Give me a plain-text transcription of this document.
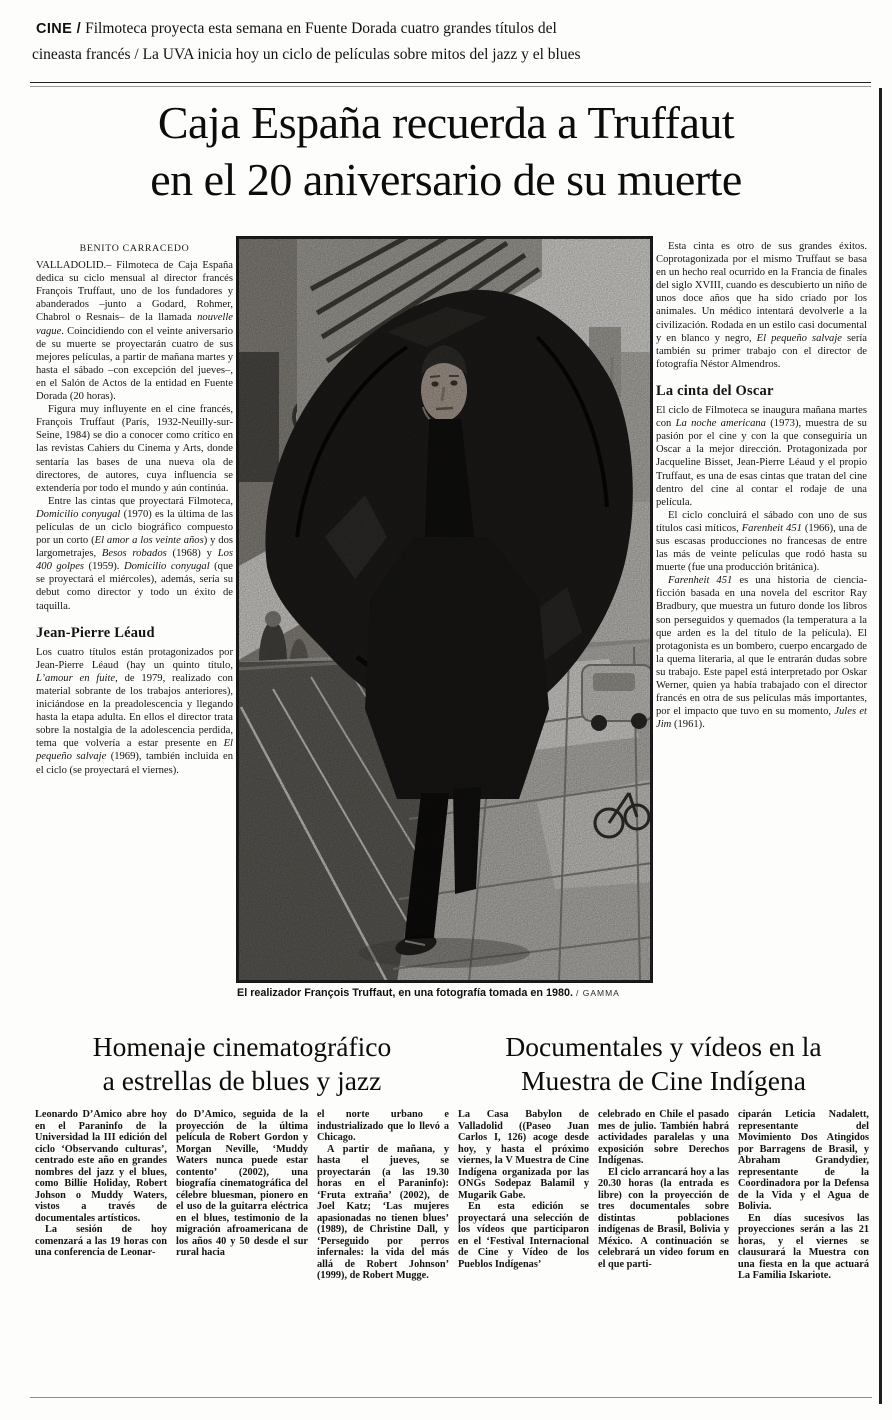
CINE / Filmoteca proyecta esta semana en Fuente Dorada cuatro grandes títulos del
cineasta francés / La UVA inicia hoy un ciclo de películas sobre mitos del jazz y el blues
Caja España recuerda a Truffaut
en el 20 aniversario de su muerte
BENITO CARRACEDO

VALLADOLID.– Filmoteca de Caja España dedica su ciclo mensual al director francés François Truffaut, uno de los fundadores y abanderados –junto a Godard, Rohmer, Chabrol o Resnais– de la llamada nouvelle vague. Coincidiendo con el veinte aniversario de su muerte se proyectarán cuatro de sus mejores películas, a partir de mañana martes y hasta el sábado –con excepción del jueves–, en el Salón de Actos de la entidad en Fuente Dorada (20 horas).

Figura muy influyente en el cine francés, François Truffaut (París, 1932-Neuilly-sur-Seine, 1984) se dio a conocer como crítico en las revistas Cahiers du Cinema y Arts, donde sentaría las bases de una nueva ola de directores, de autores, cuya influencia se extendería por todo el mundo y aún continúa.

Entre las cintas que proyectará Filmoteca, Domicilio conyugal (1970) es la última de las películas de un ciclo biográfico compuesto por un corto (El amor a los veinte años) y dos largometrajes, Besos robados (1968) y Los 400 golpes (1959). Domicilio conyugal (que se proyectará el miércoles), además, sería su debut como director y todo un éxito de taquilla.

Jean-Pierre Léaud

Los cuatro títulos están protagonizados por Jean-Pierre Léaud (hay un quinto título, L’amour en fuite, de 1979, realizado con material sobrante de los trabajos anteriores), iniciándose en la preadolescencia y llegando hasta la etapa adulta. En ellos el director trata sobre la nostalgia de la adolescencia perdida, tema que volvería a estar presente en El pequeño salvaje (1969), también incluida en el ciclo (se proyectará el viernes).

El realizador François Truffaut, en una fotografía tomada en 1980. / GAMMA

Esta cinta es otro de sus grandes éxitos. Coprotagonizada por el mismo Truffaut se basa en un hecho real ocurrido en la Francia de finales del siglo XVIII, cuando es descubierto un niño de unos doce años que ha sido criado por los animales. Un médico intentará devolverle a la civilización. Rodada en un estilo casi documental y en blanco y negro, El pequeño salvaje sería también su primer trabajo con el director de fotografía Néstor Almendros.

La cinta del Oscar

El ciclo de Filmoteca se inaugura mañana martes con La noche americana (1973), muestra de su pasión por el cine y con la que conseguiría un Oscar a la mejor dirección. Protagonizada por Jacqueline Bisset, Jean-Pierre Léaud y el propio Truffaut, es una de esas cintas que tratan del cine dentro del cine al contar el rodaje de una película.

El ciclo concluirá el sábado con uno de sus títulos casi míticos, Farenheit 451 (1966), una de sus escasas producciones no francesas de entre las más de veinte películas que rodó hasta su muerte (fue una producción británica).

Farenheit 451 es una historia de ciencia-ficción basada en una novela del escritor Ray Bradbury, que muestra un futuro donde los libros son perseguidos y quemados (la temperatura a la que arden es la del título de la película). El protagonista es un bombero, cuerpo encargado de la quema literaria, al que le entrarán dudas sobre su trabajo. Este papel está interpretado por Oskar Werner, quien ya había trabajado con el director francés en otra de sus películas más importantes, por el impacto que tuvo en su momento, Jules et Jim (1961).

Homenaje cinematográfico
a estrellas de blues y jazz

Leonardo D’Amico abre hoy en el Paraninfo de la Universidad la III edición del ciclo ‘Observando culturas’, centrado este año en grandes nombres del jazz y el blues, como Billie Holiday, Robert Johson o Muddy Waters, vistos a través de documentales artísticos.

La sesión de hoy comenzará a las 19 horas con una conferencia de Leonar-

do D’Amico, seguida de la proyección de la última película de Robert Gordon y Morgan Neville, ‘Muddy Waters nunca puede estar contento’ (2002), una biografía cinematográfica del célebre bluesman, pionero en el uso de la guitarra eléctrica en el blues, testimonio de la migración afroamericana de los años 40 y 50 desde el sur rural hacia

el norte urbano e industrializado que lo llevó a Chicago.

A partir de mañana, y hasta el jueves, se proyectarán (a las 19.30 horas en el Paraninfo): ‘Fruta extraña’ (2002), de Joel Katz; ‘Las mujeres apasionadas no tienen blues’ (1989), de Christine Dall, y ‘Perseguido por perros infernales: la vida del más allá de Robert Johnson’ (1999), de Robert Mugge.

Documentales y vídeos en la
Muestra de Cine Indígena

La Casa Babylon de Valladolid ((Paseo Juan Carlos I, 126) acoge desde hoy, y hasta el próximo viernes, la V Muestra de Cine Indígena organizada por las ONGs Sodepaz Balamil y Mugarik Gabe.

En esta edición se proyectará una selección de los vídeos que participaron en el ‘Festival Internacional de Cine y Vídeo de los Pueblos Indígenas’

celebrado en Chile el pasado mes de julio. También habrá actividades paralelas y una exposición sobre Derechos Indígenas.

El ciclo arrancará hoy a las 20.30 horas (la entrada es libre) con la proyección de tres documentales sobre distintas poblaciones indígenas de Brasil, Bolivia y México. A continuación se celebrará un video forum en el que parti-

ciparán Leticia Nadalett, representante del Movimiento Dos Atingidos por Barragens de Brasil, y Abraham Grandydier, representante de la Coordinadora por la Defensa de la Vida y el Agua de Bolivia.

En días sucesivos las proyecciones serán a las 21 horas, y el viernes se clausurará la Muestra con una fiesta en la que actuará La Familia Iskariote.
